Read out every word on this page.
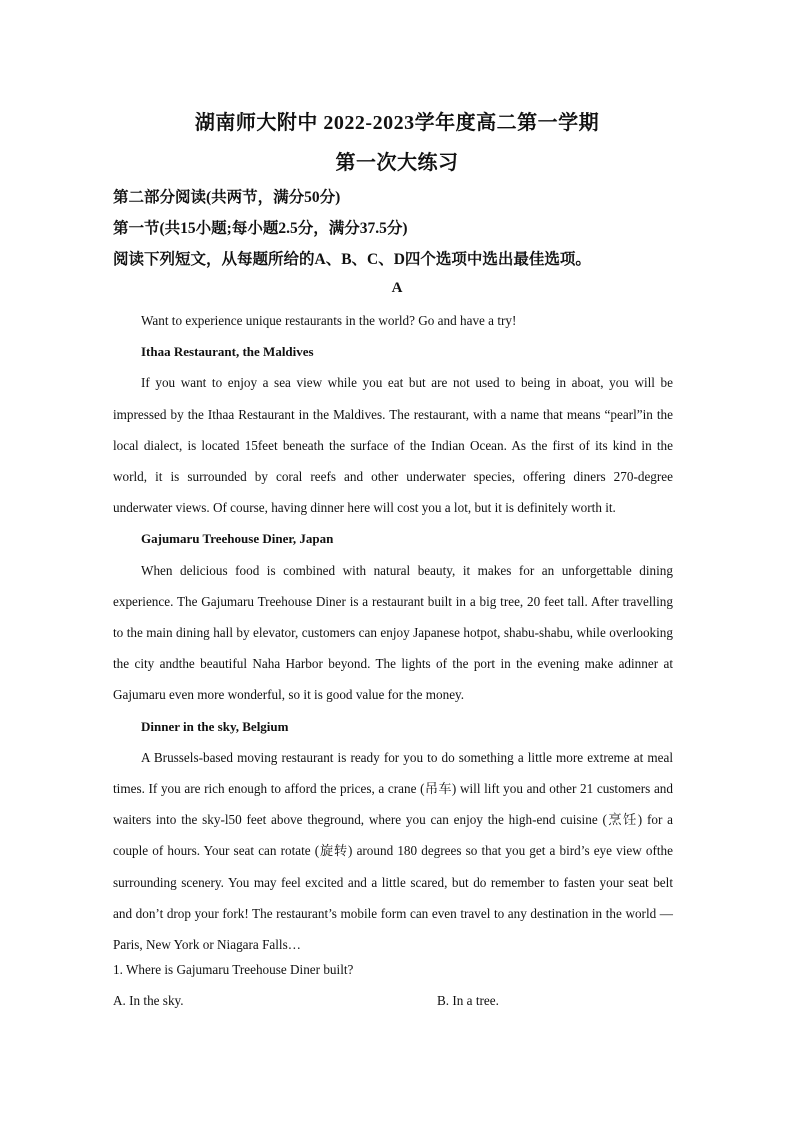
湖南师大附中 2022-2023学年度高二第一学期
第一次大练习
第二部分阅读(共两节，满分50分)
第一节(共15小题;每小题2.5分，满分37.5分)
阅读下列短文，从每题所给的A、B、C、D四个选项中选出最佳选项。
A

Want to experience unique restaurants in the world? Go and have a try!

Ithaa Restaurant, the Maldives

If you want to enjoy a sea view while you eat but are not used to being in aboat, you will be impressed by the Ithaa Restaurant in the Maldives. The restaurant, with a name that means “pearl”in the local dialect, is located 15feet beneath the surface of the Indian Ocean. As the first of its kind in the world, it is surrounded by coral reefs and other underwater species, offering diners 270-degree underwater views. Of course, having dinner here will cost you a lot, but it is definitely worth it.

Gajumaru Treehouse Diner, Japan

When delicious food is combined with natural beauty, it makes for an unforgettable dining experience. The Gajumaru Treehouse Diner is a restaurant built in a big tree, 20 feet tall. After travelling to the main dining hall by elevator, customers can enjoy Japanese hotpot, shabu-shabu, while overlooking the city andthe beautiful Naha Harbor beyond. The lights of the port in the evening make adinner at Gajumaru even more wonderful, so it is good value for the money.

Dinner in the sky, Belgium

A Brussels-based moving restaurant is ready for you to do something a little more extreme at meal times. If you are rich enough to afford the prices, a crane (吊车) will lift you and other 21 customers and waiters into the sky-l50 feet above theground, where you can enjoy the high-end cuisine (烹饪) for a couple of hours. Your seat can rotate (旋转) around 180 degrees so that you get a bird’s eye view ofthe surrounding scenery. You may feel excited and a little scared, but do remember to fasten your seat belt and don’t drop your fork! The restaurant’s mobile form can even travel to any destination in the world — Paris, New York or Niagara Falls…

1. Where is Gajumaru Treehouse Diner built?
A. In the sky.	B. In a tree.
